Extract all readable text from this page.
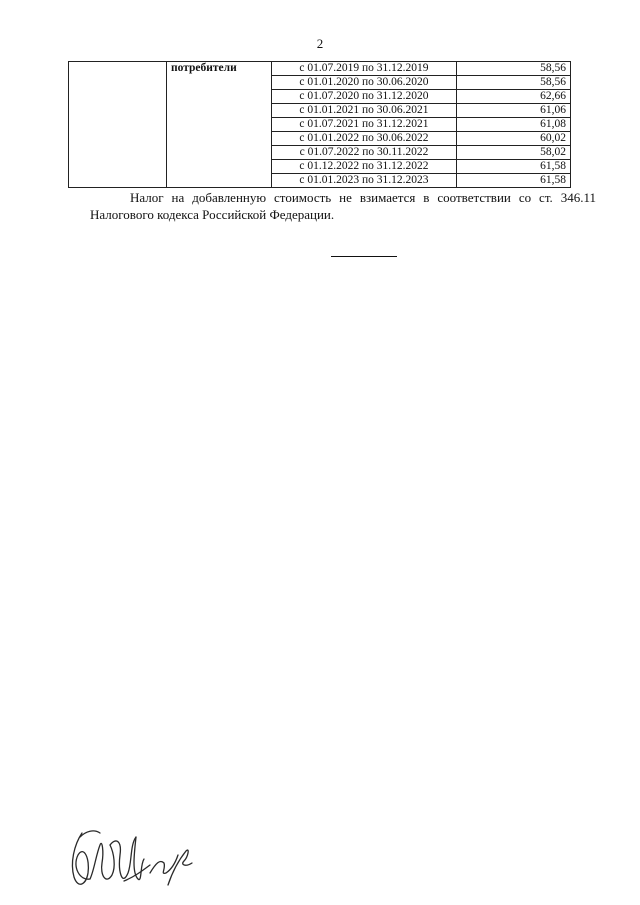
2
	потребители	с 01.07.2019 по 31.12.2019	58,56
		с 01.01.2020 по 30.06.2020	58,56
		с 01.07.2020 по 31.12.2020	62,66
		с 01.01.2021 по 30.06.2021	61,06
		с 01.07.2021 по 31.12.2021	61,08
		с 01.01.2022 по 30.06.2022	60,02
		с 01.07.2022 по 30.11.2022	58,02
		с 01.12.2022 по 31.12.2022	61,58
		с 01.01.2023 по 31.12.2023	61,58

Налог на добавленную стоимость не взимается в соответствии со ст. 346.11 Налогового кодекса Российской Федерации.
